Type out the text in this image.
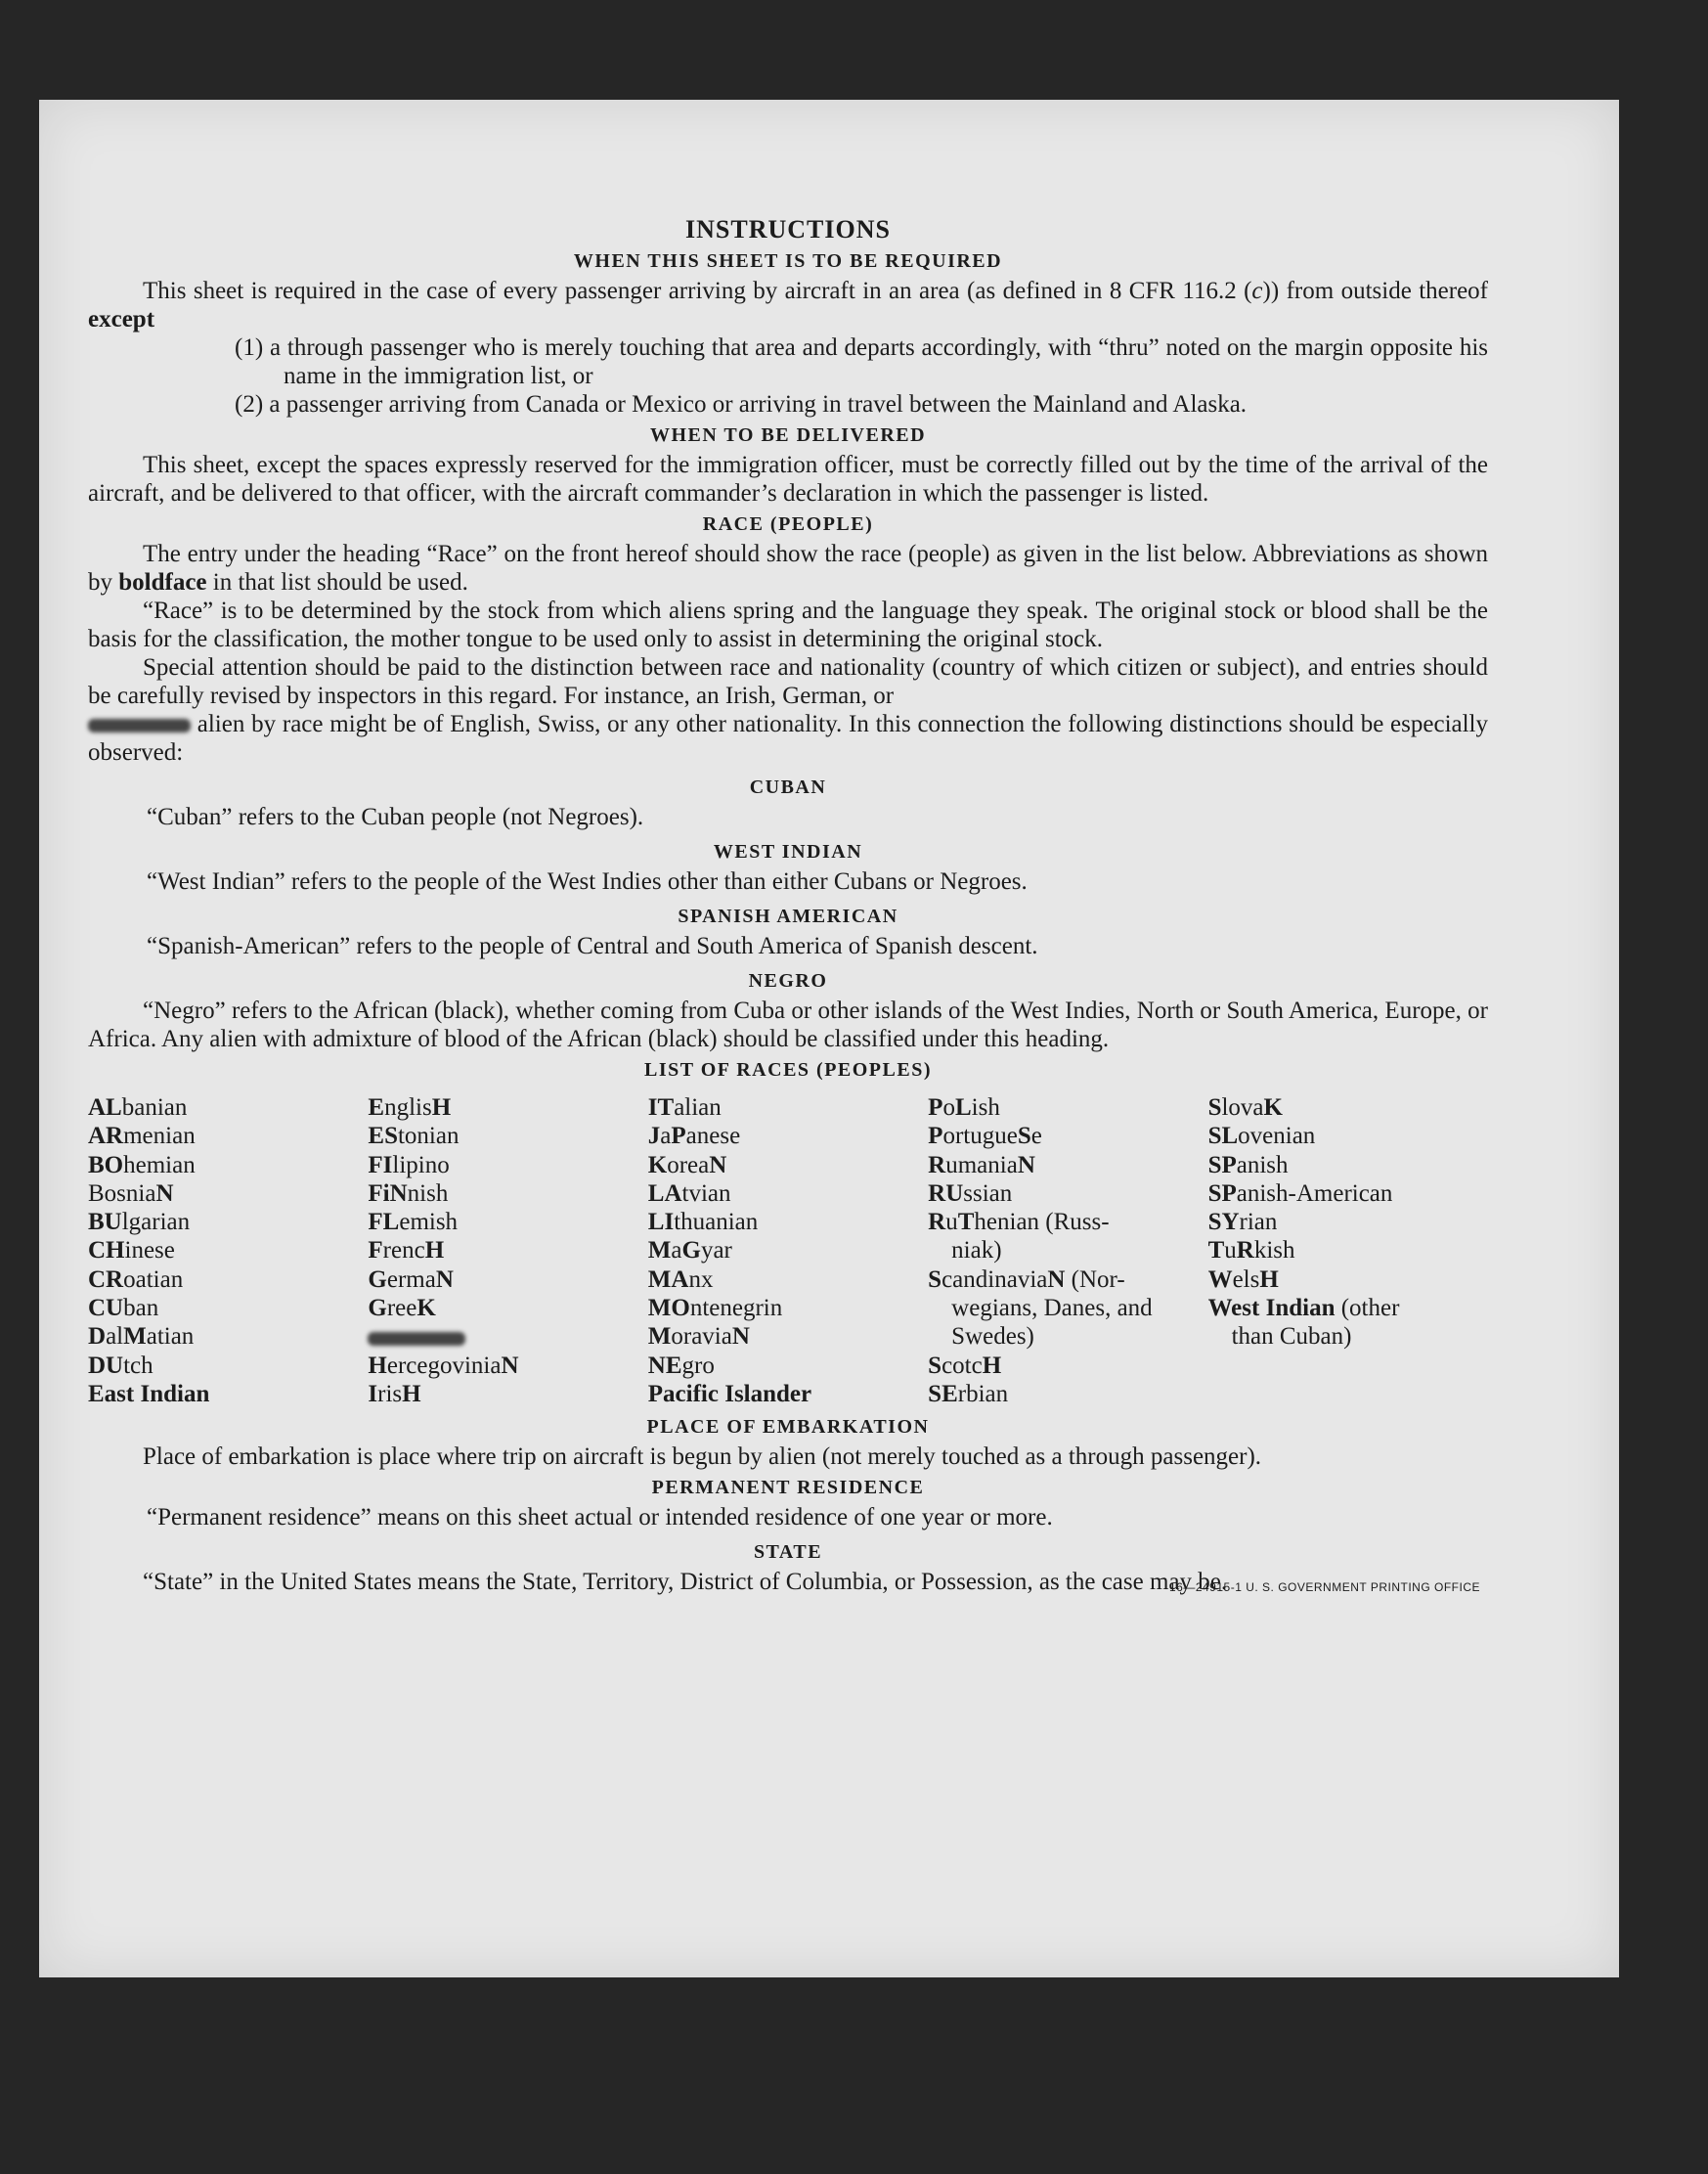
INSTRUCTIONS
WHEN THIS SHEET IS TO BE REQUIRED

This sheet is required in the case of every passenger arriving by aircraft in an area (as defined in 8 CFR 116.2 (c)) from outside thereof except

(1) a through passenger who is merely touching that area and departs accordingly, with “thru” noted on the margin opposite his name in the immigration list, or
(2) a passenger arriving from Canada or Mexico or arriving in travel between the Mainland and Alaska.
WHEN TO BE DELIVERED

This sheet, except the spaces expressly reserved for the immigration officer, must be correctly filled out by the time of the arrival of the aircraft, and be delivered to that officer, with the aircraft commander’s declaration in which the passenger is listed.

RACE (PEOPLE)

The entry under the heading “Race” on the front hereof should show the race (people) as given in the list below. Abbreviations as shown by boldface in that list should be used.

“Race” is to be determined by the stock from which aliens spring and the language they speak. The original stock or blood shall be the basis for the classification, the mother tongue to be used only to assist in determining the original stock.

Special attention should be paid to the distinction between race and nationality (country of which citizen or subject), and entries should be carefully revised by inspectors in this regard. For instance, an Irish, German, or
alien by race might be of English, Swiss, or any other nationality. In this connection the following distinctions should be especially observed:

CUBAN

“Cuban” refers to the Cuban people (not Negroes).

WEST INDIAN

“West Indian” refers to the people of the West Indies other than either Cubans or Negroes.

SPANISH AMERICAN

“Spanish-American” refers to the people of Central and South America of Spanish descent.

NEGRO

“Negro” refers to the African (black), whether coming from Cuba or other islands of the West Indies, North or South America, Europe, or Africa. Any alien with admixture of blood of the African (black) should be classified under this heading.

LIST OF RACES (PEOPLES)
ALbanian
ARmenian
BOhemian
BosniaN
BUlgarian
CHinese
CRoatian
CUban
DalMatian
DUtch
East Indian
EnglisH
EStonian
FIlipino
FiNnish
FLemish
FrencH
GermaN
GreeK
HercegoviniaN
IrisH
ITalian
JaPanese
KoreaN
LAtvian
LIthuanian
MaGyar
MAnx
MOntenegrin
MoraviaN
NEgro
Pacific Islander
PoLish
PortugueSe
RumaniaN
RUssian
RuThenian (Russ-
niak)
ScandinaviaN (Nor-
wegians, Danes, and Swedes)
ScotcH
SErbian
SlovaK
SLovenian
SPanish
SPanish-American
SYrian
TuRkish
WelsH
West Indian (other
than Cuban)
PLACE OF EMBARKATION

Place of embarkation is place where trip on aircraft is begun by alien (not merely touched as a through passenger).

PERMANENT RESIDENCE

“Permanent residence” means on this sheet actual or intended residence of one year or more.

STATE

“State” in the United States means the State, Territory, District of Columbia, or Possession, as the case may be.

16—24915-1 U. S. GOVERNMENT PRINTING OFFICE
